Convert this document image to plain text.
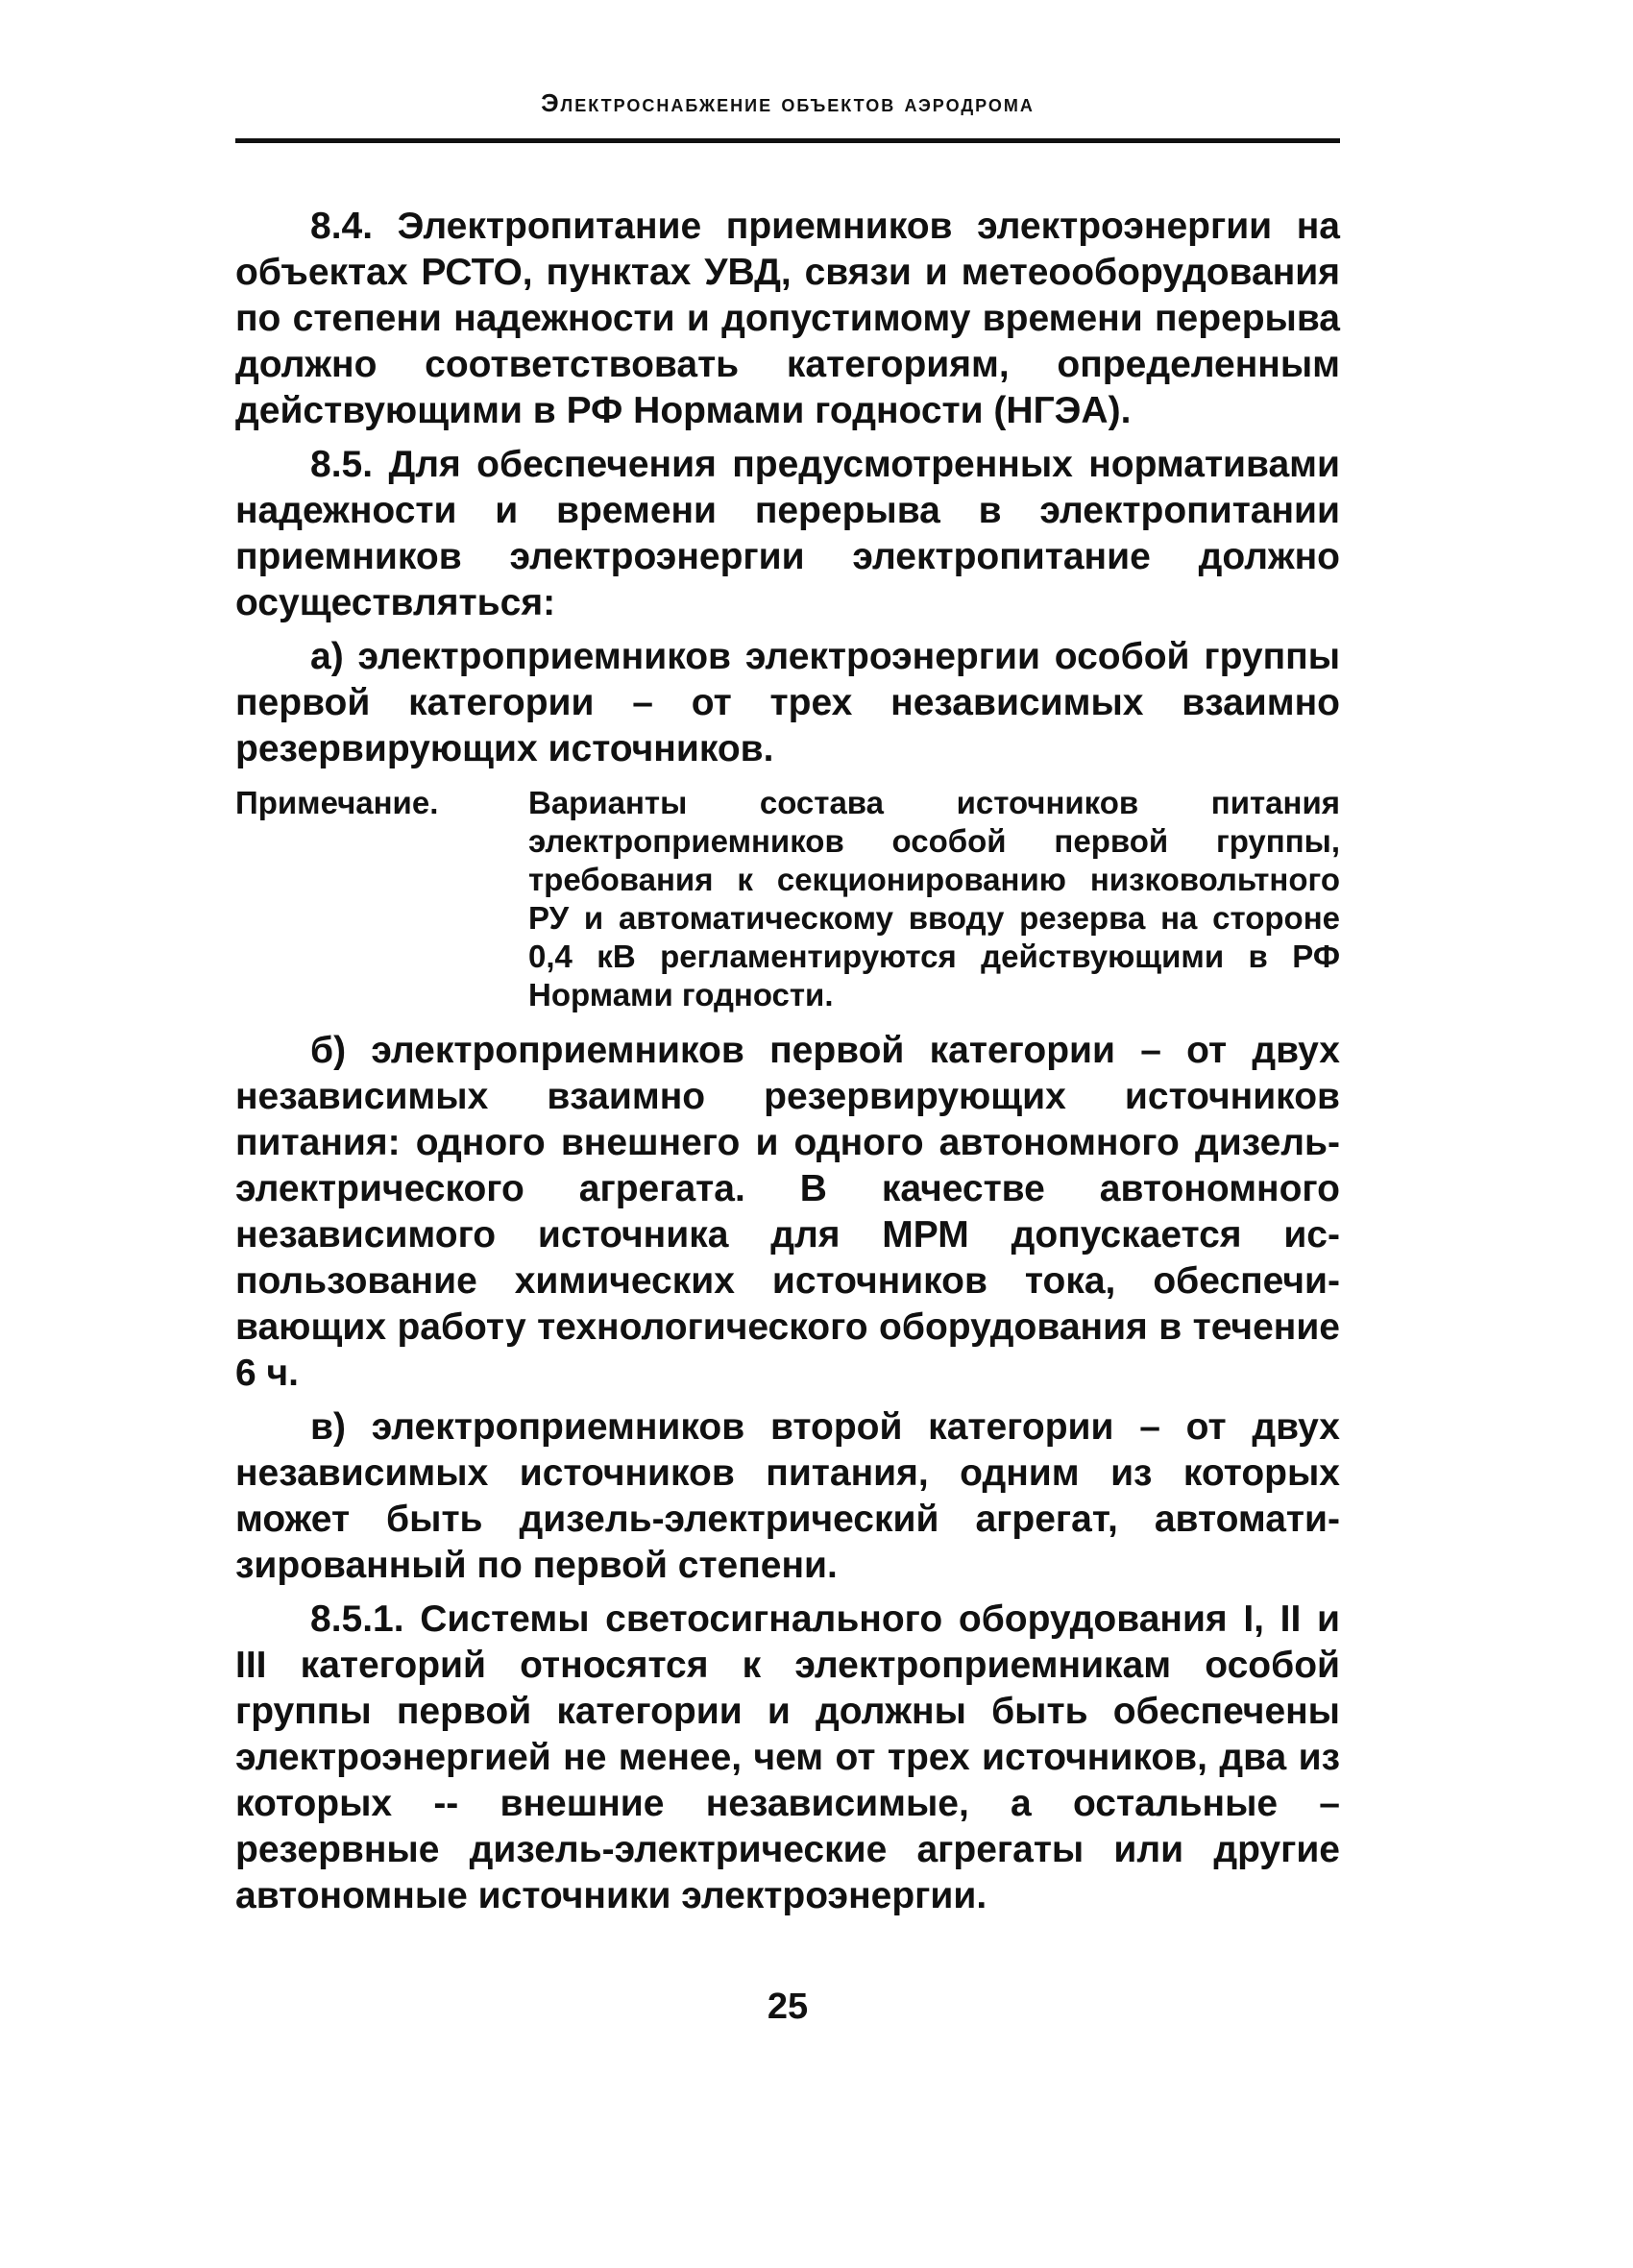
Электроснабжение объектов аэродрома

8.4. Электропитание приемников электроэнергии на объектах РСТО, пунктах УВД, связи и метеооборудования по степени надежности и допустимому времени перерыва должно соответствовать категориям, определенным действующими в РФ Нормами годности (НГЭА).

8.5. Для обеспечения предусмотренных нормативами надежности и времени перерыва в электропитании приемников электроэнергии электропитание должно осуществляться:

а) электроприемников электроэнергии особой группы первой категории – от трех независимых взаимно резервирующих источников.

Примечание.	Варианты состава источников питания электроприемников особой первой группы, требования к секционированию низковольтного РУ и автоматическому вводу резерва на стороне 0,4 кВ регламентируются действующими в РФ Нормами годности.

б) электроприемников первой категории – от двух независимых взаимно резервирующих источников питания: одного внешнего и одного автономного дизель-электрического агрегата. В качестве автономного независимого источника для МРМ допускается использование химических источников тока, обеспечивающих работу технологического оборудования в течение 6 ч.

в) электроприемников второй категории – от двух независимых источников питания, одним из которых может быть дизель-электрический агрегат, автоматизированный по первой степени.

8.5.1. Системы светосигнального оборудования I, II и III категорий относятся к электроприемникам особой группы первой категории и должны быть обеспечены электроэнергией не менее, чем от трех источников, два из которых -- внешние независимые, а остальные – резервные дизель-электрические агрегаты или другие автономные источники электроэнергии.

25
